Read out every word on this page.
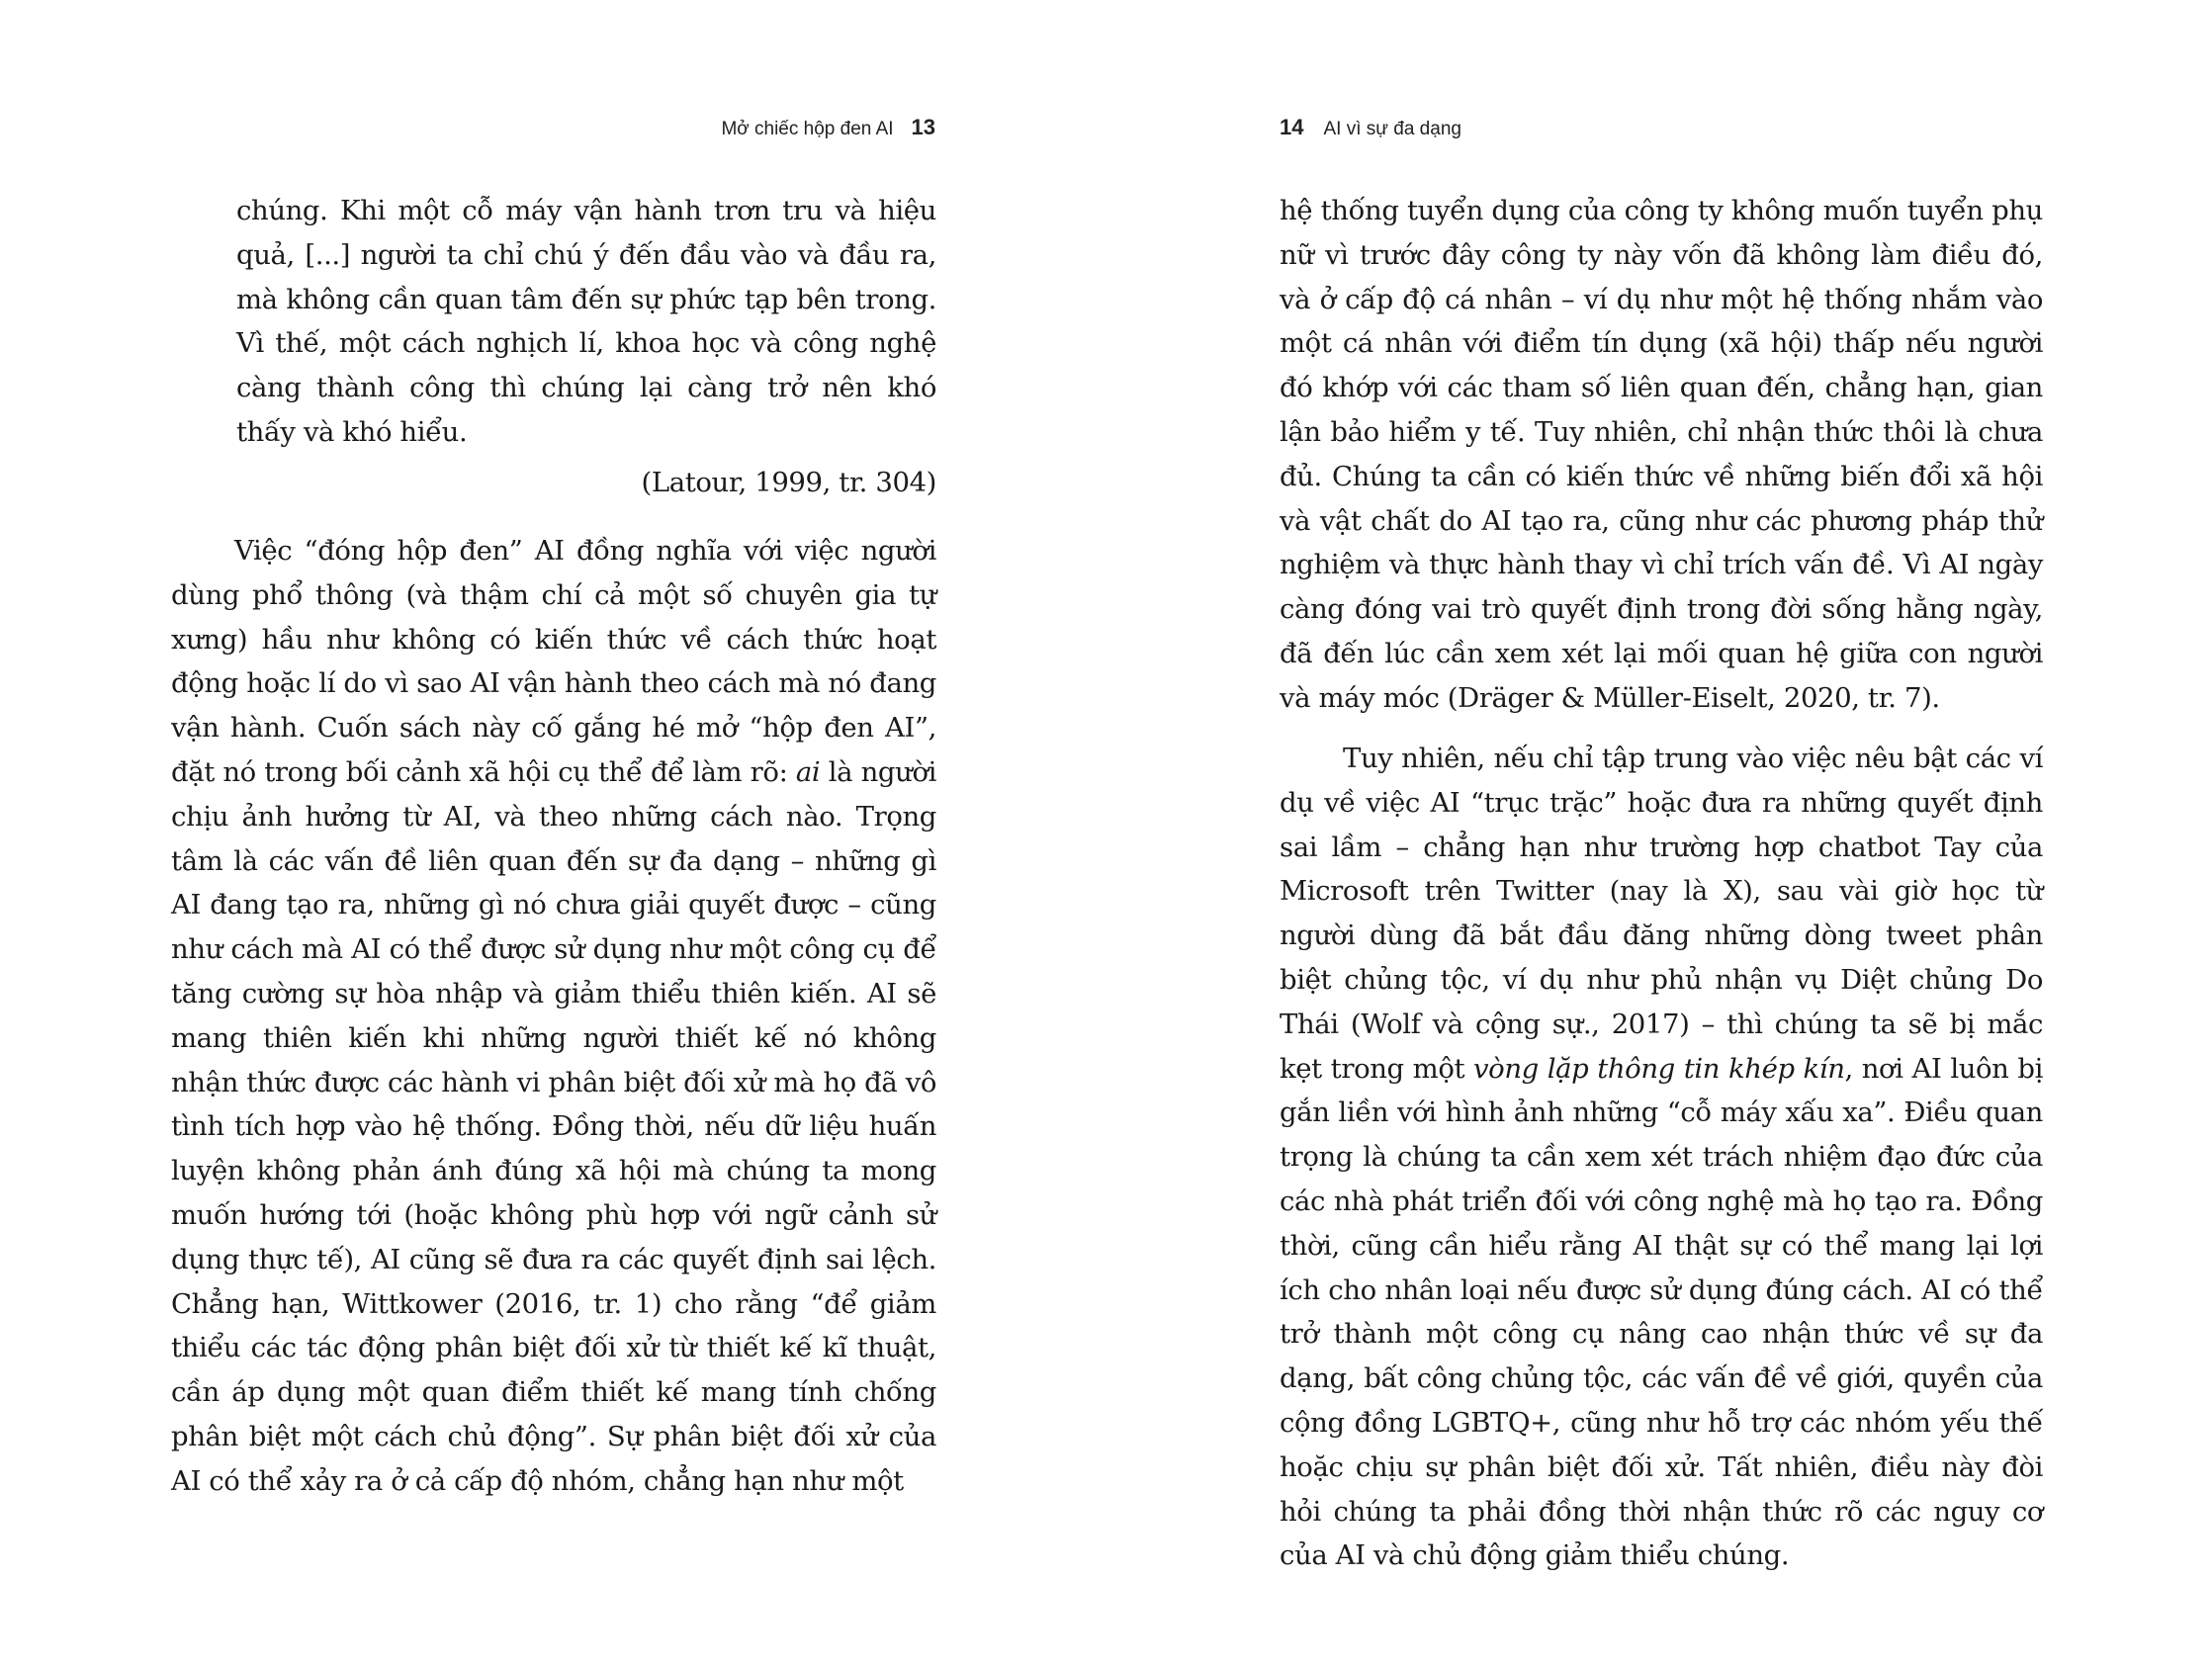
Mở chiếc hộp đen AI 13

chúng. Khi một cỗ máy vận hành trơn tru và hiệu quả, [...] người ta chỉ chú ý đến đầu vào và đầu ra, mà không cần quan tâm đến sự phức tạp bên trong. Vì thế, một cách nghịch lí, khoa học và công nghệ càng thành công thì chúng lại càng trở nên khó thấy và khó hiểu.

(Latour, 1999, tr. 304)

Việc “đóng hộp đen” AI đồng nghĩa với việc người dùng phổ thông (và thậm chí cả một số chuyên gia tự xưng) hầu như không có kiến thức về cách thức hoạt động hoặc lí do vì sao AI vận hành theo cách mà nó đang vận hành. Cuốn sách này cố gắng hé mở “hộp đen AI”, đặt nó trong bối cảnh xã hội cụ thể để làm rõ: ai là người chịu ảnh hưởng từ AI, và theo những cách nào. Trọng tâm là các vấn đề liên quan đến sự đa dạng – những gì AI đang tạo ra, những gì nó chưa giải quyết được – cũng như cách mà AI có thể được sử dụng như một công cụ để tăng cường sự hòa nhập và giảm thiểu thiên kiến. AI sẽ mang thiên kiến khi những người thiết kế nó không nhận thức được các hành vi phân biệt đối xử mà họ đã vô tình tích hợp vào hệ thống. Đồng thời, nếu dữ liệu huấn luyện không phản ánh đúng xã hội mà chúng ta mong muốn hướng tới (hoặc không phù hợp với ngữ cảnh sử dụng thực tế), AI cũng sẽ đưa ra các quyết định sai lệch. Chẳng hạn, Wittkower (2016, tr. 1) cho rằng “để giảm thiểu các tác động phân biệt đối xử từ thiết kế kĩ thuật, cần áp dụng một quan điểm thiết kế mang tính chống phân biệt một cách chủ động”. Sự phân biệt đối xử của AI có thể xảy ra ở cả cấp độ nhóm, chẳng hạn như một

14 AI vì sự đa dạng

hệ thống tuyển dụng của công ty không muốn tuyển phụ nữ vì trước đây công ty này vốn đã không làm điều đó, và ở cấp độ cá nhân – ví dụ như một hệ thống nhắm vào một cá nhân với điểm tín dụng (xã hội) thấp nếu người đó khớp với các tham số liên quan đến, chẳng hạn, gian lận bảo hiểm y tế. Tuy nhiên, chỉ nhận thức thôi là chưa đủ. Chúng ta cần có kiến thức về những biến đổi xã hội và vật chất do AI tạo ra, cũng như các phương pháp thử nghiệm và thực hành thay vì chỉ trích vấn đề. Vì AI ngày càng đóng vai trò quyết định trong đời sống hằng ngày, đã đến lúc cần xem xét lại mối quan hệ giữa con người và máy móc (Dräger & Müller-Eiselt, 2020, tr. 7).

Tuy nhiên, nếu chỉ tập trung vào việc nêu bật các ví dụ về việc AI “trục trặc” hoặc đưa ra những quyết định sai lầm – chẳng hạn như trường hợp chatbot Tay của Microsoft trên Twitter (nay là X), sau vài giờ học từ người dùng đã bắt đầu đăng những dòng tweet phân biệt chủng tộc, ví dụ như phủ nhận vụ Diệt chủng Do Thái (Wolf và cộng sự., 2017) – thì chúng ta sẽ bị mắc kẹt trong một vòng lặp thông tin khép kín, nơi AI luôn bị gắn liền với hình ảnh những “cỗ máy xấu xa”. Điều quan trọng là chúng ta cần xem xét trách nhiệm đạo đức của các nhà phát triển đối với công nghệ mà họ tạo ra. Đồng thời, cũng cần hiểu rằng AI thật sự có thể mang lại lợi ích cho nhân loại nếu được sử dụng đúng cách. AI có thể trở thành một công cụ nâng cao nhận thức về sự đa dạng, bất công chủng tộc, các vấn đề về giới, quyền của cộng đồng LGBTQ+, cũng như hỗ trợ các nhóm yếu thế hoặc chịu sự phân biệt đối xử. Tất nhiên, điều này đòi hỏi chúng ta phải đồng thời nhận thức rõ các nguy cơ của AI và chủ động giảm thiểu chúng.
